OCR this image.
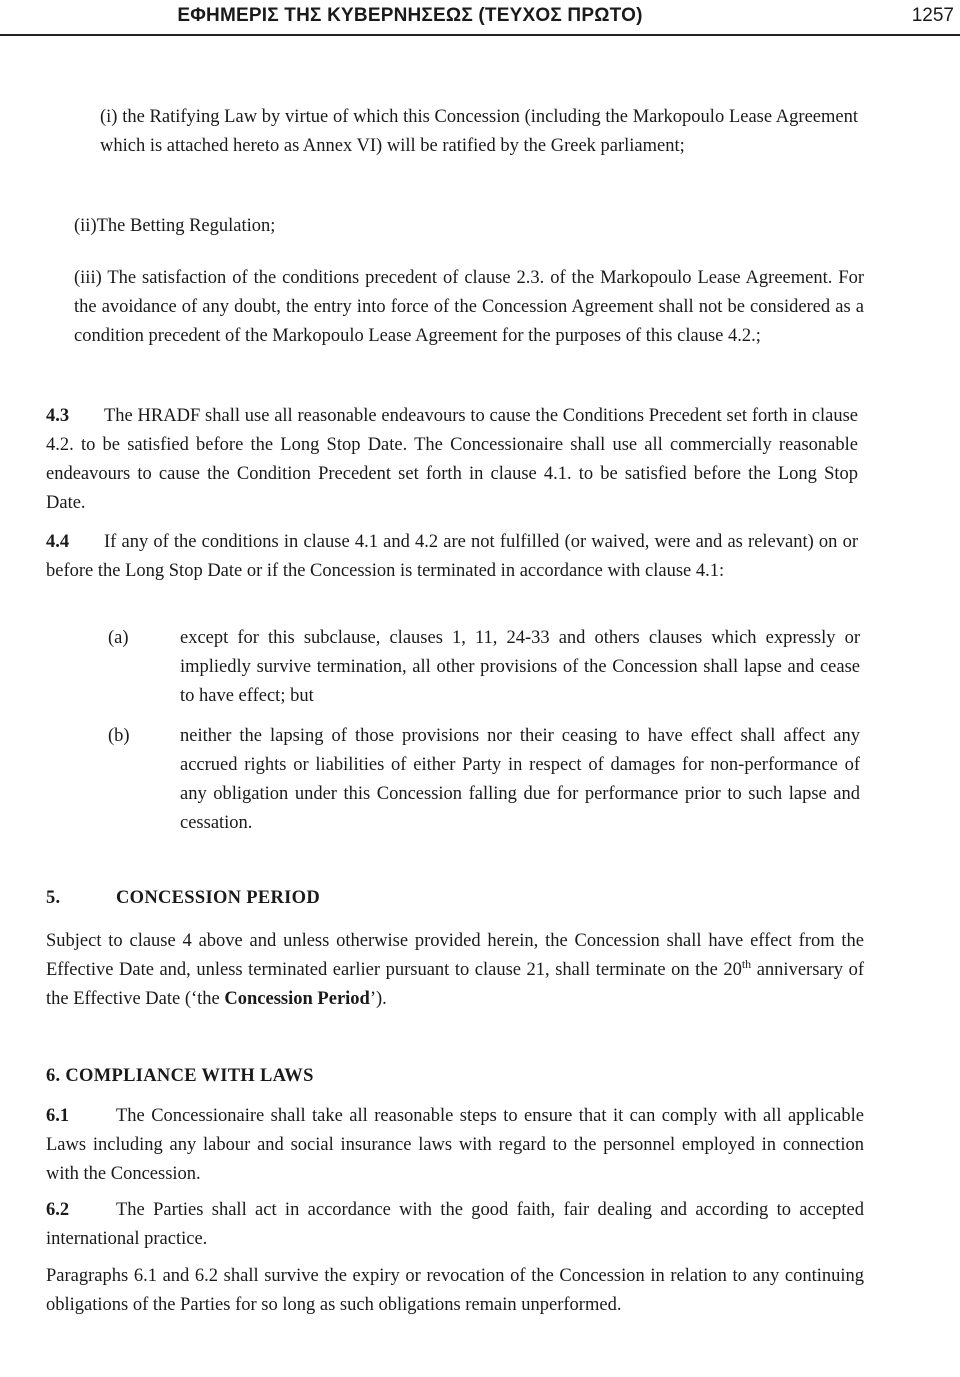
ΕΦΗΜΕΡΙΣ ΤΗΣ ΚΥΒΕΡΝΗΣΕΩΣ (ΤΕΥΧΟΣ ΠΡΩΤΟ)	1257

(i) the Ratifying Law by virtue of which this Concession (including the Markopoulo Lease Agreement which is attached hereto as Annex VI) will be ratified by the Greek parliament;

(ii)The Betting Regulation;

(iii) The satisfaction of the conditions precedent of clause 2.3. of the Markopoulo Lease Agreement. For the avoidance of any doubt, the entry into force of the Concession Agreement shall not be considered as a condition precedent of the Markopoulo Lease Agreement for the purposes of this clause 4.2.;

4.3 The HRADF shall use all reasonable endeavours to cause the Conditions Precedent set forth in clause 4.2. to be satisfied before the Long Stop Date. The Concessionaire shall use all commercially reasonable endeavours to cause the Condition Precedent set forth in clause 4.1. to be satisfied before the Long Stop Date.

4.4 If any of the conditions in clause 4.1 and 4.2 are not fulfilled (or waived, were and as relevant) on or before the Long Stop Date or if the Concession is terminated in accordance with clause 4.1:

(a)	except for this subclause, clauses 1, 11, 24-33 and others clauses which expressly or impliedly survive termination, all other provisions of the Concession shall lapse and cease to have effect; but

(b)	neither the lapsing of those provisions nor their ceasing to have effect shall affect any accrued rights or liabilities of either Party in respect of damages for non-performance of any obligation under this Concession falling due for performance prior to such lapse and cessation.

5.	CONCESSION PERIOD

Subject to clause 4 above and unless otherwise provided herein, the Concession shall have effect from the Effective Date and, unless terminated earlier pursuant to clause 21, shall terminate on the 20th anniversary of the Effective Date (‘the Concession Period’).

6. COMPLIANCE WITH LAWS

6.1	The Concessionaire shall take all reasonable steps to ensure that it can comply with all applicable Laws including any labour and social insurance laws with regard to the personnel employed in connection with the Concession.

6.2	The Parties shall act in accordance with the good faith, fair dealing and according to accepted international practice.

Paragraphs 6.1 and 6.2 shall survive the expiry or revocation of the Concession in relation to any continuing obligations of the Parties for so long as such obligations remain unperformed.
